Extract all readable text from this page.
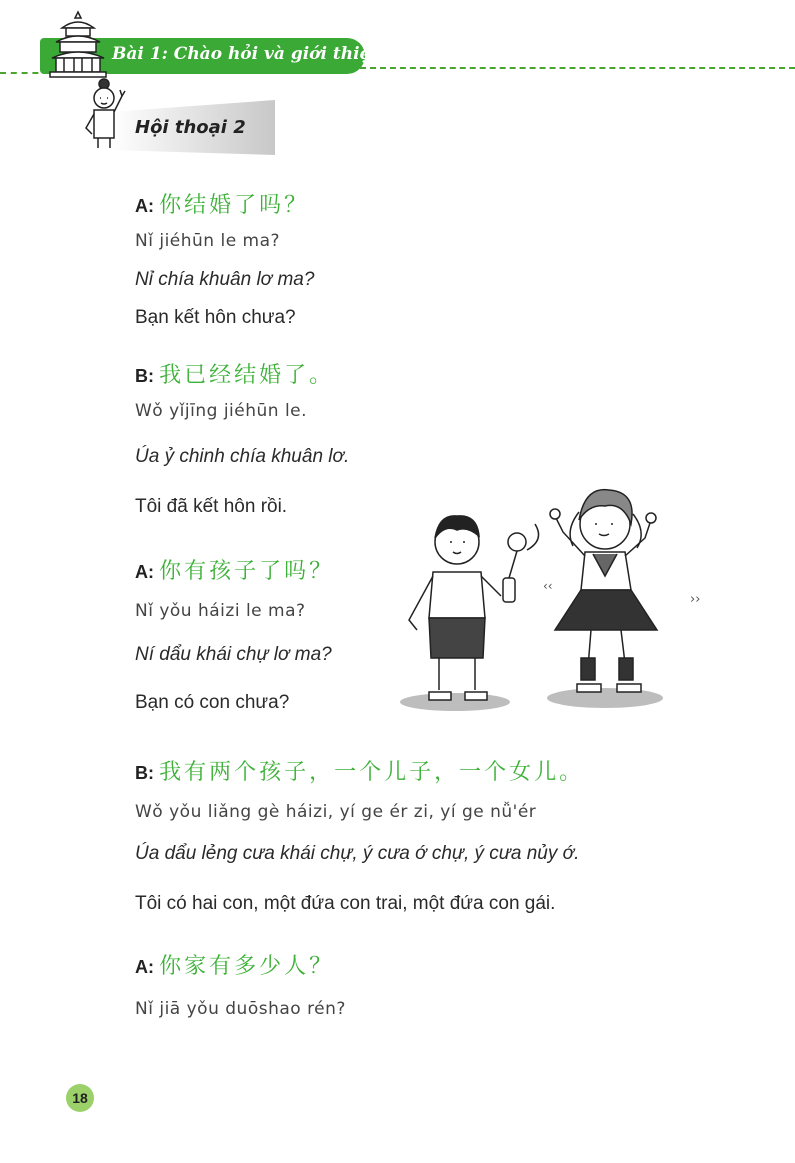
Bài 1: Chào hỏi và giới thiệu
Hội thoại 2
A: 你结婚了吗？
Nǐ jiéhūn le ma?
Nỉ chía khuân lơ ma?
Bạn kết hôn chưa?
B: 我已经结婚了。
Wǒ yǐjīng jiéhūn le.
Úa ỷ chinh chía khuân lơ.
Tôi đã kết hôn rồi.
A: 你有孩子了吗？
Nǐ yǒu háizi le ma?
Ní dẩu khái chự lơ ma?
Bạn có con chưa?
‹‹
››
B: 我有两个孩子，一个儿子，一个女儿。
Wǒ yǒu liǎng gè háizi, yí ge ér zi, yí ge nǚ'ér
Úa dẩu lẻng cưa khái chự, ý cưa ớ chự, ý cưa nủy ớ.
Tôi có hai con, một đứa con trai, một đứa con gái.
A: 你家有多少人？
Nǐ jiā yǒu duōshao rén?
18
